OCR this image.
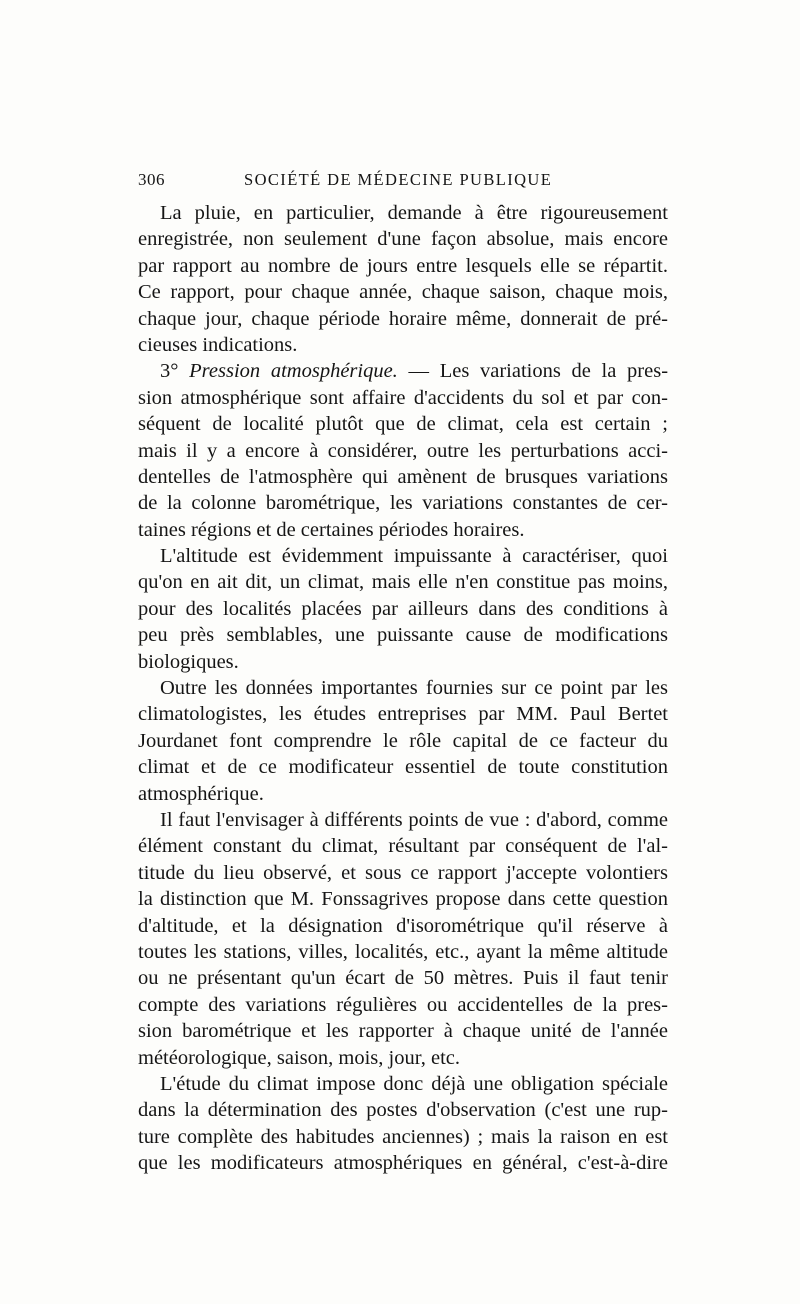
306	SOCIÉTÉ DE MÉDECINE PUBLIQUE
La pluie, en particulier, demande à être rigoureusement
enregistrée, non seulement d'une façon absolue, mais encore
par rapport au nombre de jours entre lesquels elle se répartit.
Ce rapport, pour chaque année, chaque saison, chaque mois,
chaque jour, chaque période horaire même, donnerait de pré-
cieuses indications.
3° Pression atmosphérique. — Les variations de la pres-
sion atmosphérique sont affaire d'accidents du sol et par con-
séquent de localité plutôt que de climat, cela est certain ;
mais il y a encore à considérer, outre les perturbations acci-
dentelles de l'atmosphère qui amènent de brusques variations
de la colonne barométrique, les variations constantes de cer-
taines régions et de certaines périodes horaires.
L'altitude est évidemment impuissante à caractériser, quoi
qu'on en ait dit, un climat, mais elle n'en constitue pas moins,
pour des localités placées par ailleurs dans des conditions à
peu près semblables, une puissante cause de modifications
biologiques.
Outre les données importantes fournies sur ce point par les
climatologistes, les études entreprises par MM. Paul Bertet
Jourdanet font comprendre le rôle capital de ce facteur du
climat et de ce modificateur essentiel de toute constitution
atmosphérique.
Il faut l'envisager à différents points de vue : d'abord, comme
élément constant du climat, résultant par conséquent de l'al-
titude du lieu observé, et sous ce rapport j'accepte volontiers
la distinction que M. Fonssagrives propose dans cette question
d'altitude, et la désignation d'isorométrique qu'il réserve à
toutes les stations, villes, localités, etc., ayant la même altitude
ou ne présentant qu'un écart de 50 mètres. Puis il faut tenir
compte des variations régulières ou accidentelles de la pres-
sion barométrique et les rapporter à chaque unité de l'année
météorologique, saison, mois, jour, etc.
L'étude du climat impose donc déjà une obligation spéciale
dans la détermination des postes d'observation (c'est une rup-
ture complète des habitudes anciennes) ; mais la raison en est
que les modificateurs atmosphériques en général, c'est-à-dire
